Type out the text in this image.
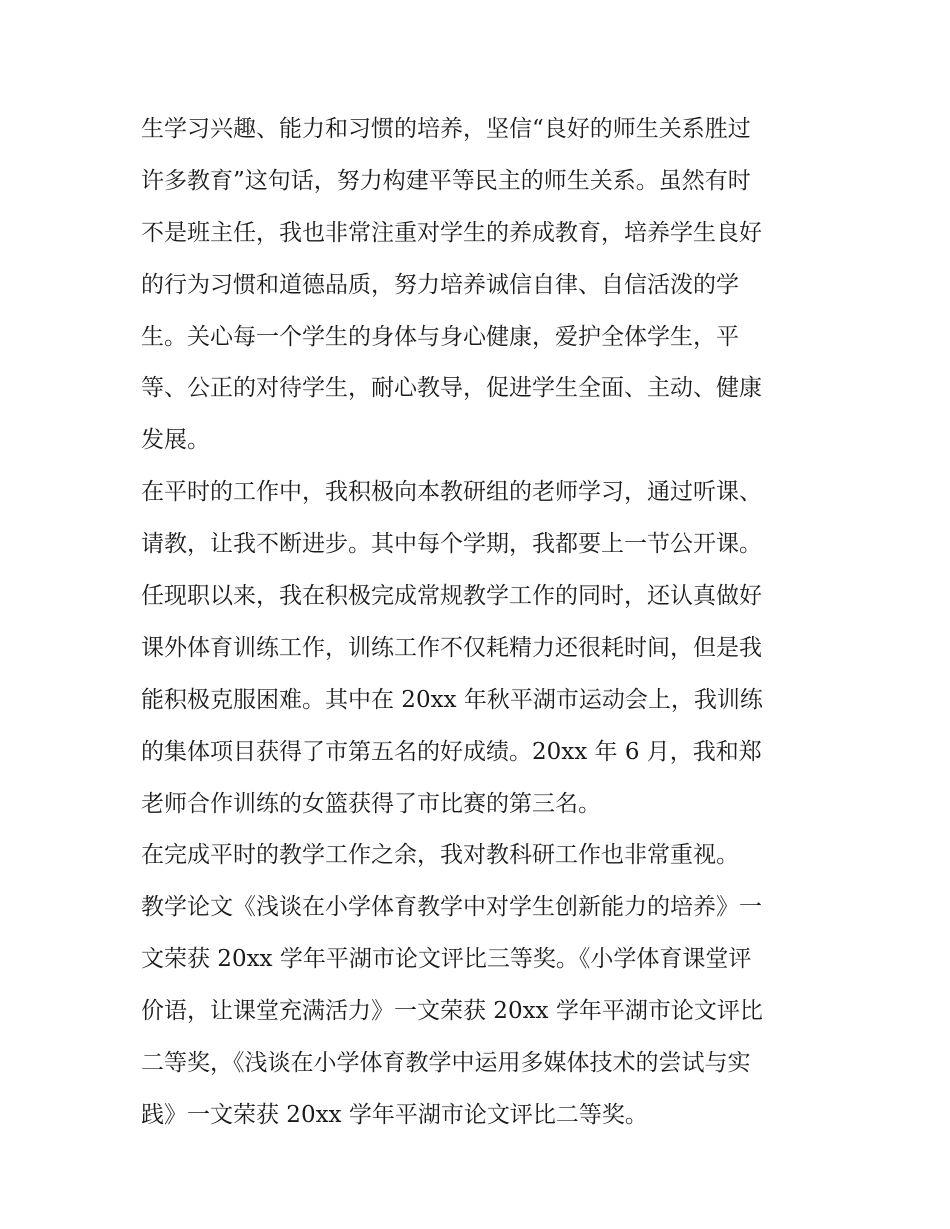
生学习兴趣、能力和习惯的培养，坚信“良好的师生关系胜过
许多教育”这句话，努力构建平等民主的师生关系。虽然有时
不是班主任，我也非常注重对学生的养成教育，培养学生良好
的行为习惯和道德品质，努力培养诚信自律、自信活泼的学
生。关心每一个学生的身体与身心健康，爱护全体学生，平
等、公正的对待学生，耐心教导，促进学生全面、主动、健康
发展。
在平时的工作中，我积极向本教研组的老师学习，通过听课、
请教，让我不断进步。其中每个学期，我都要上一节公开课。
任现职以来，我在积极完成常规教学工作的同时，还认真做好
课外体育训练工作，训练工作不仅耗精力还很耗时间，但是我
能积极克服困难。其中在 20xx 年秋平湖市运动会上，我训练
的集体项目获得了市第五名的好成绩。20xx 年 6 月，我和郑
老师合作训练的女篮获得了市比赛的第三名。
在完成平时的教学工作之余，我对教科研工作也非常重视。
教学论文《浅谈在小学体育教学中对学生创新能力的培养》一
文荣获 20xx 学年平湖市论文评比三等奖。《小学体育课堂评
价语，让课堂充满活力》一文荣获 20xx 学年平湖市论文评比
二等奖，《浅谈在小学体育教学中运用多媒体技术的尝试与实
践》一文荣获 20xx 学年平湖市论文评比二等奖。
